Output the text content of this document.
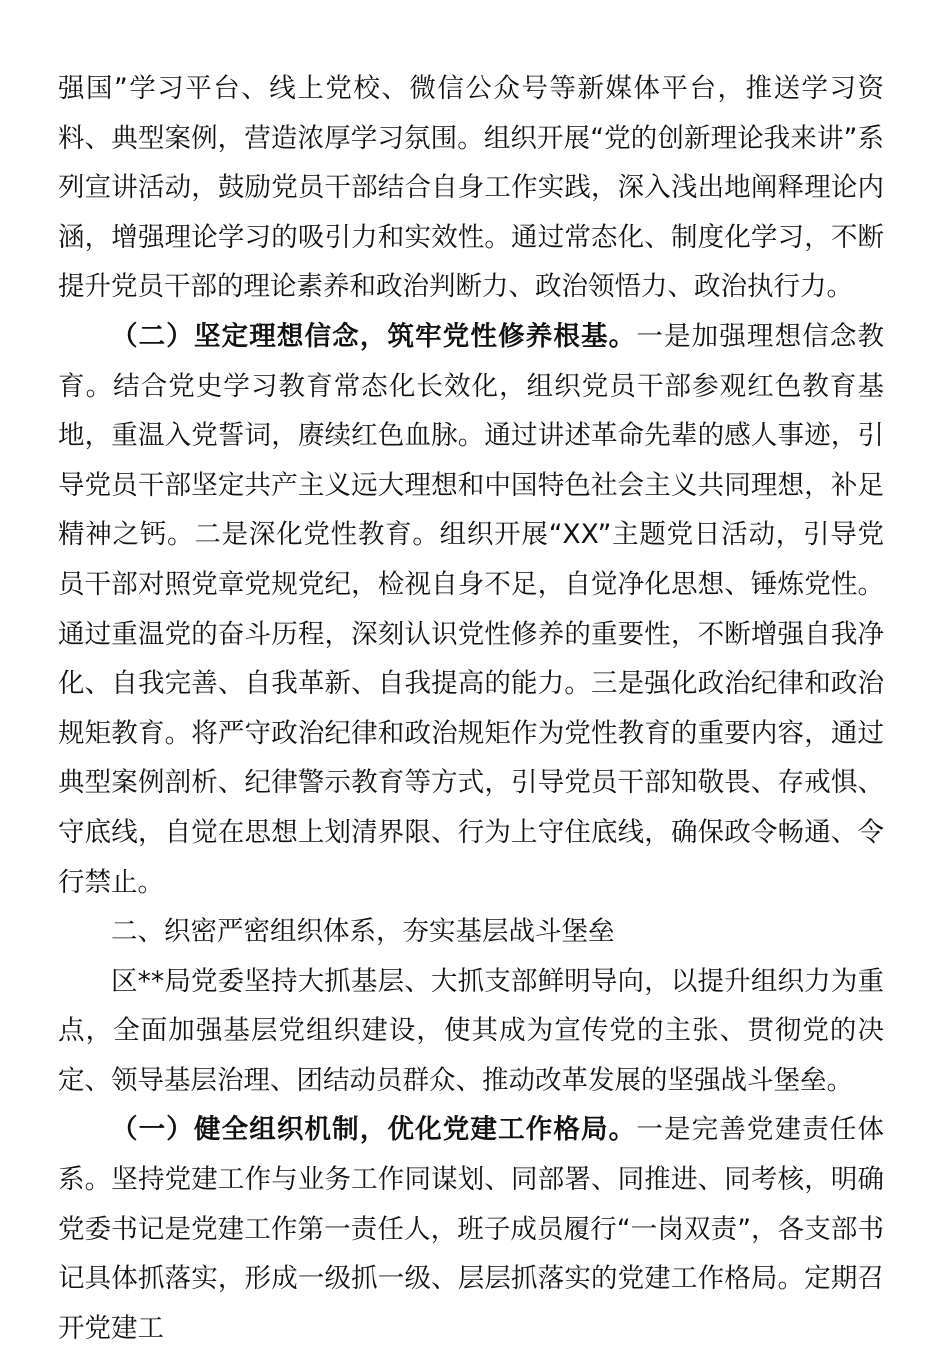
强国”学习平台、线上党校、微信公众号等新媒体平台，推送学习资料、典型案例，营造浓厚学习氛围。组织开展“党的创新理论我来讲”系列宣讲活动，鼓励党员干部结合自身工作实践，深入浅出地阐释理论内涵，增强理论学习的吸引力和实效性。通过常态化、制度化学习，不断提升党员干部的理论素养和政治判断力、政治领悟力、政治执行力。

（二）坚定理想信念，筑牢党性修养根基。一是加强理想信念教育。结合党史学习教育常态化长效化，组织党员干部参观红色教育基地，重温入党誓词，赓续红色血脉。通过讲述革命先辈的感人事迹，引导党员干部坚定共产主义远大理想和中国特色社会主义共同理想，补足精神之钙。二是深化党性教育。组织开展“XX”主题党日活动，引导党员干部对照党章党规党纪，检视自身不足，自觉净化思想、锤炼党性。通过重温党的奋斗历程，深刻认识党性修养的重要性，不断增强自我净化、自我完善、自我革新、自我提高的能力。三是强化政治纪律和政治规矩教育。将严守政治纪律和政治规矩作为党性教育的重要内容，通过典型案例剖析、纪律警示教育等方式，引导党员干部知敬畏、存戒惧、守底线，自觉在思想上划清界限、行为上守住底线，确保政令畅通、令行禁止。

二、织密严密组织体系，夯实基层战斗堡垒

区**局党委坚持大抓基层、大抓支部鲜明导向，以提升组织力为重点，全面加强基层党组织建设，使其成为宣传党的主张、贯彻党的决定、领导基层治理、团结动员群众、推动改革发展的坚强战斗堡垒。

（一）健全组织机制，优化党建工作格局。一是完善党建责任体系。坚持党建工作与业务工作同谋划、同部署、同推进、同考核，明确党委书记是党建工作第一责任人，班子成员履行“一岗双责”，各支部书记具体抓落实，形成一级抓一级、层层抓落实的党建工作格局。定期召开党建工
